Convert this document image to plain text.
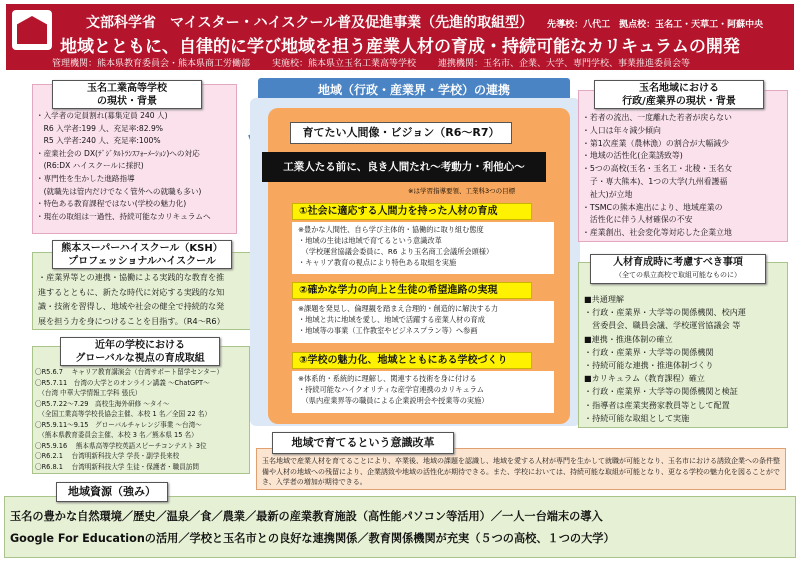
文部科学省　マイスター・ハイスクール普及促進事業（先進的取組型） 先導校：八代工　拠点校：玉名工・天草工・阿蘇中央
地域とともに、自律的に学び地域を担う産業人材の育成・持続可能なカリキュラムの開発
管理機関：熊本県教育委員会・熊本県商工労働部 実施校：熊本県立玉名工業高等学校 連携機関：玉名市、企業、大学、専門学校、事業推進委員会等
玉名工業高等学校
の現状・背景
・入学者の定員割れ(募集定員 240 人)
　R6 入学者:199 人、充足率:82.9%
　R5 入学者:240 人、充足率:100%
・産業社会の DX(ﾃﾞｼﾞﾀﾙﾄﾗﾝｽﾌｫｰﾒｰｼｮﾝ)への対応
　(R6:DX ハイスクールに採択)
・専門性を生かした進路指導
　(就職先は管内だけでなく管外への就職も多い)
・特色ある教育課程ではない(学校の魅力化)
・現在の取組は一過性、持続可能なカリキュラムへ
熊本スーパーハイスクール（KSH）
プロフェッショナルハイスクール
・産業界等との連携・協働による実践的な教育を推
進するとともに、新たな時代に対応する実践的な知
識・技術を習得し、地域や社会の健全で持続的な発
展を担う力を身につけることを目指す。（R4～R6）
近年の学校における
グローバルな視点の育成取組
〇R5.6.7　 キャリア教育講演会（台湾サポート留学センター）
〇R5.7.11　台湾の大学とのオンライン講義 ～ChatGPT～
　（台湾 中華大学情報工学科 張氏）
〇R5.7.22～7.29　高校生海外研修 ～タイ～
　（全国工業高等学校長協会主催、本校 1 名／全国 22 名）
〇R5.9.11～9.15　グローバルチャレンジ事業 ～台湾～
　（熊本県教育委員会主催、本校 3 名／熊本県 15 名）
〇R5.9.16　 熊本県高等学校英語スピーチコンテスト 3位
〇R6.2.1　 台湾明新科技大学 学長・副学長来校
〇R6.8.1　 台湾明新科技大学 生徒・保護者・職員訪問
地域（行政・産業界・学校）の連携
育てたい人間像・ビジョン（R6～R7）
工業人たる前に、良き人間たれ～考動力・利他心～
※は学習指導要領、工業科3つの目標
①社会に適応する人間力を持った人材の育成
※豊かな人間性、自ら学び主体的・協働的に取り組む態度
・地域の生徒は地域で育てるという意識改革
　（学校運営協議会委員に、R6 より玉名商工会議所会頭様）
・キャリア教育の視点により特色ある取組を実施
②確かな学力の向上と生徒の希望進路の実現
※課題を発見し、倫理観を踏まえ合理的・創造的に解決する力
・地域と共に地域を愛し、地域で活躍する産業人材の育成
・地域等の事業（工作教室やビジネスプラン等）へ参画
③学校の魅力化、地域とともにある学校づくり
※体系的・系統的に理解し、関連する技術を身に付ける
・持続可能なハイクオリティな産学官連携のカリキュラム
　（県内産業界等の職員による企業説明会や授業等の実施）
玉名地域における
行政/産業界の現状・背景
・若者の流出、一度離れた若者が戻らない
・人口は年々減少傾向
・第1次産業（農林漁）の割合が大幅減少
・地域の活性化(企業誘致等)
・5つの高校(玉名・玉名工・北稜・玉名女
　子・専大熊本)、1つの大学(九州看護福
　祉大)が立地
・TSMCの熊本進出により、地域産業の
　活性化に伴う人材確保の不安
・産業創出、社会変化等対応した企業立地
人材育成時に考慮すべき事項
（全ての県立高校で取組可能なものに）
■共通理解
・行政・産業界・大学等の関係機関、校内運
　営委員会、職員会議、学校運営協議会 等
■連携・推進体制の確立
・行政・産業界・大学等の関係機関
・持続可能な連携・推進体制づくり
■カリキュラム（教育課程）確立
・行政・産業界・大学等の関係機関と検証
・指導者は産業実務家教員等として配置
・持続可能な取組として実施
地域で育てるという意識改革
玉名地域で産業人材を育てることにより、卒業後、地域の課題を認識し、地域を愛する人材が専門を生かして就職が可能となり、玉名市における誘致企業への条件整備や人材の地域への残留により、企業誘致や地域の活性化が期待できる。また、学校においては、持続可能な取組が可能となり、更なる学校の魅力化を図ることができ、入学者の増加が期待できる。
地域資源（強み）
玉名の豊かな自然環境／歴史／温泉／食／農業／最新の産業教育施設（高性能パソコン等活用）／一人一台端末の導入
Google For Educationの活用／学校と玉名市との良好な連携関係／教育関係機関が充実（５つの高校、１つの大学）
